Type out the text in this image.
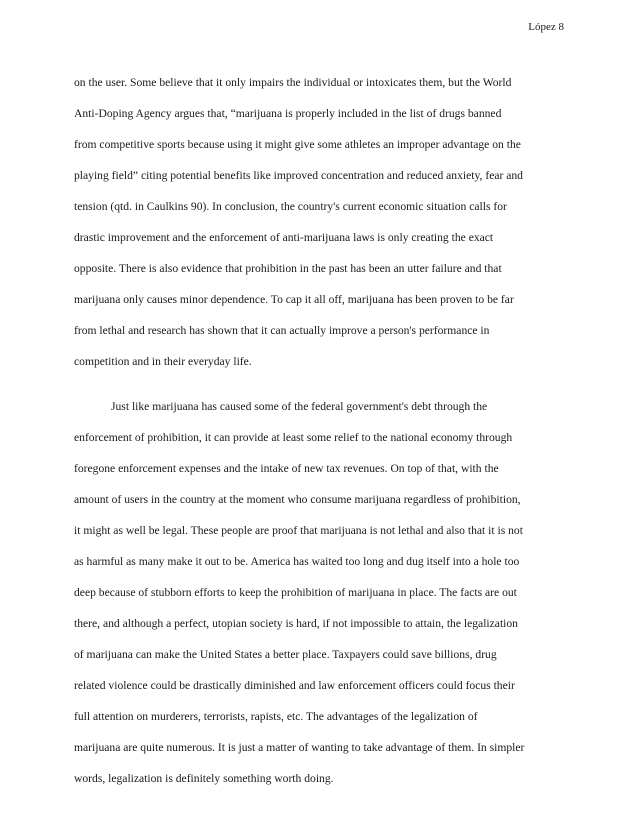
López 8
on the user. Some believe that it only impairs the individual or intoxicates them, but the World
Anti-Doping Agency argues that, “marijuana is properly included in the list of drugs banned
from competitive sports because using it might give some athletes an improper advantage on the
playing field” citing potential benefits like improved concentration and reduced anxiety, fear and
tension (qtd. in Caulkins 90). In conclusion, the country's current economic situation calls for
drastic improvement and the enforcement of anti-marijuana laws is only creating the exact
opposite. There is also evidence that prohibition in the past has been an utter failure and that
marijuana only causes minor dependence. To cap it all off, marijuana has been proven to be far
from lethal and research has shown that it can actually improve a person's performance in
competition and in their everyday life.
Just like marijuana has caused some of the federal government's debt through the
enforcement of prohibition, it can provide at least some relief to the national economy through
foregone enforcement expenses and the intake of new tax revenues. On top of that, with the
amount of users in the country at the moment who consume marijuana regardless of prohibition,
it might as well be legal. These people are proof that marijuana is not lethal and also that it is not
as harmful as many make it out to be. America has waited too long and dug itself into a hole too
deep because of stubborn efforts to keep the prohibition of marijuana in place. The facts are out
there, and although a perfect, utopian society is hard, if not impossible to attain, the legalization
of marijuana can make the United States a better place. Taxpayers could save billions, drug
related violence could be drastically diminished and law enforcement officers could focus their
full attention on murderers, terrorists, rapists, etc. The advantages of the legalization of
marijuana are quite numerous. It is just a matter of wanting to take advantage of them. In simpler
words, legalization is definitely something worth doing.
